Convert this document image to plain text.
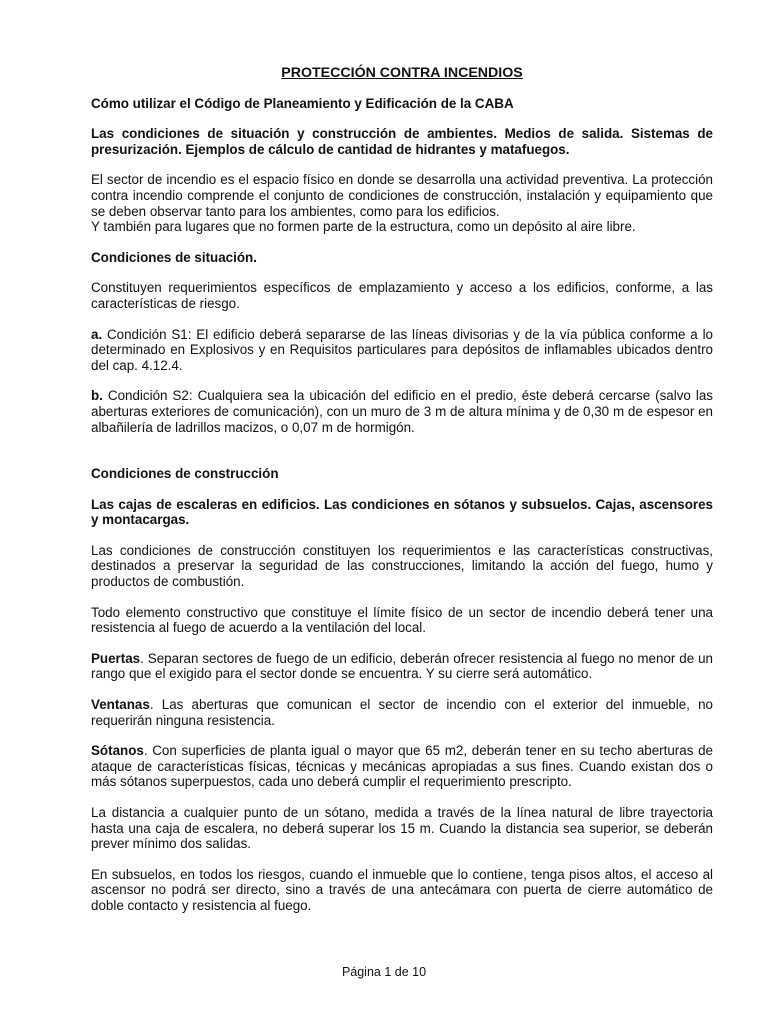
PROTECCIÓN CONTRA INCENDIOS

Cómo utilizar el Código de Planeamiento y Edificación de la CABA

Las condiciones de situación y construcción de ambientes. Medios de salida. Sistemas de presurización. Ejemplos de cálculo de cantidad de hidrantes y matafuegos.

El sector de incendio es el espacio físico en donde se desarrolla una actividad preventiva. La protección contra incendio comprende el conjunto de condiciones de construcción, instalación y equipamiento que se deben observar tanto para los ambientes, como para los edificios.

Y también para lugares que no formen parte de la estructura, como un depósito al aire libre.

Condiciones de situación.

Constituyen requerimientos específicos de emplazamiento y acceso a los edificios, conforme, a las características de riesgo.

a. Condición S1: El edificio deberá separarse de las líneas divisorias y de la vía pública conforme a lo determinado en Explosivos y en Requisitos particulares para depósitos de inflamables ubicados dentro del cap. 4.12.4.

b. Condición S2: Cualquiera sea la ubicación del edificio en el predio, éste deberá cercarse (salvo las aberturas exteriores de comunicación), con un muro de 3 m de altura mínima y de 0,30 m de espesor en albañilería de ladrillos macizos, o 0,07 m de hormigón.

Condiciones de construcción

Las cajas de escaleras en edificios. Las condiciones en sótanos y subsuelos. Cajas, ascensores y montacargas.

Las condiciones de construcción constituyen los requerimientos e las características constructivas, destinados a preservar la seguridad de las construcciones, limitando la acción del fuego, humo y productos de combustión.

Todo elemento constructivo que constituye el límite físico de un sector de incendio deberá tener una resistencia al fuego de acuerdo a la ventilación del local.

Puertas. Separan sectores de fuego de un edificio, deberán ofrecer resistencia al fuego no menor de un rango que el exigido para el sector donde se encuentra. Y su cierre será automático.

Ventanas. Las aberturas que comunican el sector de incendio con el exterior del inmueble, no requerirán ninguna resistencia.

Sótanos. Con superficies de planta igual o mayor que 65 m2, deberán tener en su techo aberturas de ataque de características físicas, técnicas y mecánicas apropiadas a sus fines. Cuando existan dos o más sótanos superpuestos, cada uno deberá cumplir el requerimiento prescripto.

La distancia a cualquier punto de un sótano, medida a través de la línea natural de libre trayectoria hasta una caja de escalera, no deberá superar los 15 m. Cuando la distancia sea superior, se deberán prever mínimo dos salidas.

En subsuelos, en todos los riesgos, cuando el inmueble que lo contiene, tenga pisos altos, el acceso al ascensor no podrá ser directo, sino a través de una antecámara con puerta de cierre automático de doble contacto y resistencia al fuego.

Página 1 de 10
